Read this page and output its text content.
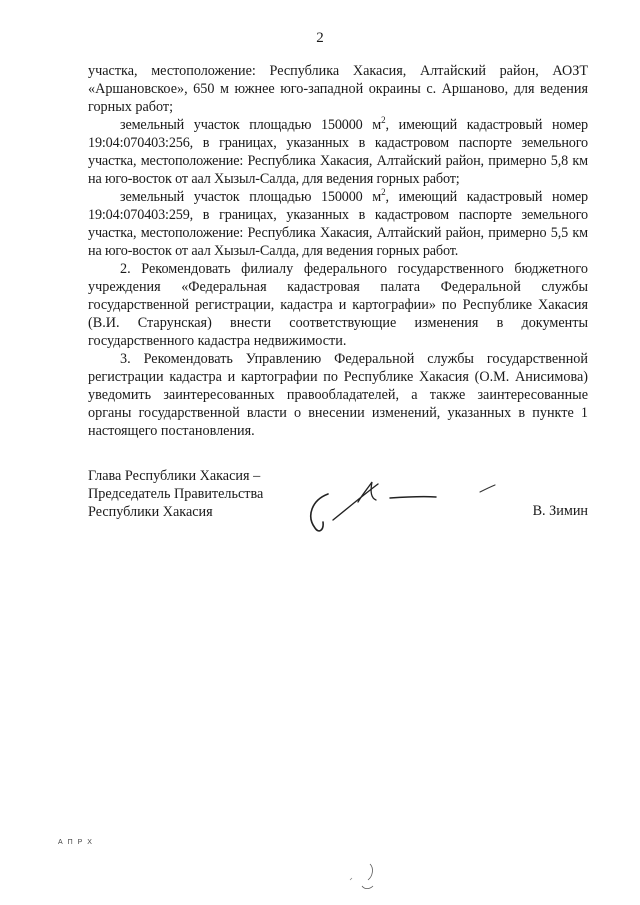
2

участка, местоположение: Республика Хакасия, Алтайский район, АОЗТ «Аршановское», 650 м южнее юго-западной окраины с. Аршаново, для ведения горных работ;

земельный участок площадью 150000 $м^2$, имеющий кадастровый номер 19:04:070403:256, в границах, указанных в кадастровом паспорте земельного участка, местоположение: Республика Хакасия, Алтайский район, примерно 5,8 км на юго-восток от аал Хызыл-Салда, для ведения горных работ;

земельный участок площадью 150000 $м^2$, имеющий кадастровый номер 19:04:070403:259, в границах, указанных в кадастровом паспорте земельного участка, местоположение: Республика Хакасия, Алтайский район, примерно 5,5 км на юго-восток от аал Хызыл-Салда, для ведения горных работ.

2. Рекомендовать филиалу федерального государственного бюджетного учреждения «Федеральная кадастровая палата Федеральной службы государственной регистрации, кадастра и картографии» по Республике Хакасия (В.И. Старунская) внести соответствующие изменения в документы государственного кадастра недвижимости.

3. Рекомендовать Управлению Федеральной службы государственной регистрации кадастра и картографии по Республике Хакасия (О.М. Анисимова) уведомить заинтересованных правообладателей, а также заинтересованные органы государственной власти о внесении изменений, указанных в пункте 1 настоящего постановления.

Глава Республики Хакасия –
Председатель Правительства
Республики Хакасия	В. Зимин
А П Р Х
